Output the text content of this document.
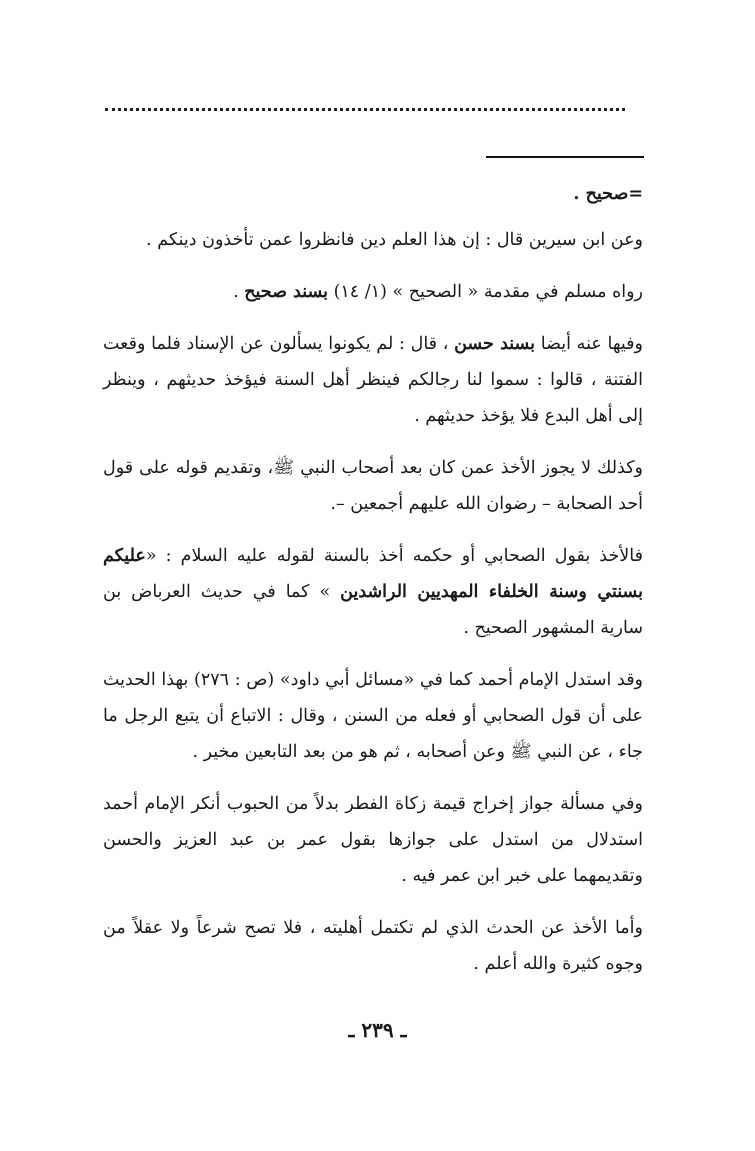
=صحيح .

وعن ابن سيرين قال : إن هذا العلم دين فانظروا عمن تأخذون دينكم .

رواه مسلم في مقدمة « الصحيح » (١/ ١٤) بسند صحيح .

وفيها عنه أيضا بسند حسن ، قال : لم يكونوا يسألون عن الإسناد فلما وقعت الفتنة ، قالوا : سموا لنا رجالكم فينظر أهل السنة فيؤخذ حديثهم ، وينظر إلى أهل البدع فلا يؤخذ حديثهم .

وكذلك لا يجوز الأخذ عمن كان بعد أصحاب النبي ﷺ، وتقديم قوله على قول أحد الصحابة – رضوان الله عليهم أجمعين –.

فالأخذ بقول الصحابي أو حكمه أخذ بالسنة لقوله عليه السلام : «عليكم بسنتي وسنة الخلفاء المهديين الراشدين » كما في حديث العرباض بن سارية المشهور الصحيح .

وقد استدل الإمام أحمد كما في «مسائل أبي داود» (ص : ٢٧٦) بهذا الحديث على أن قول الصحابي أو فعله من السنن ، وقال : الاتباع أن يتبع الرجل ما جاء ، عن النبي ﷺ وعن أصحابه ، ثم هو من بعد التابعين مخير .

وفي مسألة جواز إخراج قيمة زكاة الفطر بدلاً من الحبوب أنكر الإمام أحمد استدلال من استدل على جوازها بقول عمر بن عبد العزيز والحسن وتقديمهما على خبر ابن عمر فيه .

وأما الأخذ عن الحدث الذي لم تكتمل أهليته ، فلا تصح شرعاً ولا عقلاً من وجوه كثيرة والله أعلم .

ـ ٢٣٩ ـ
